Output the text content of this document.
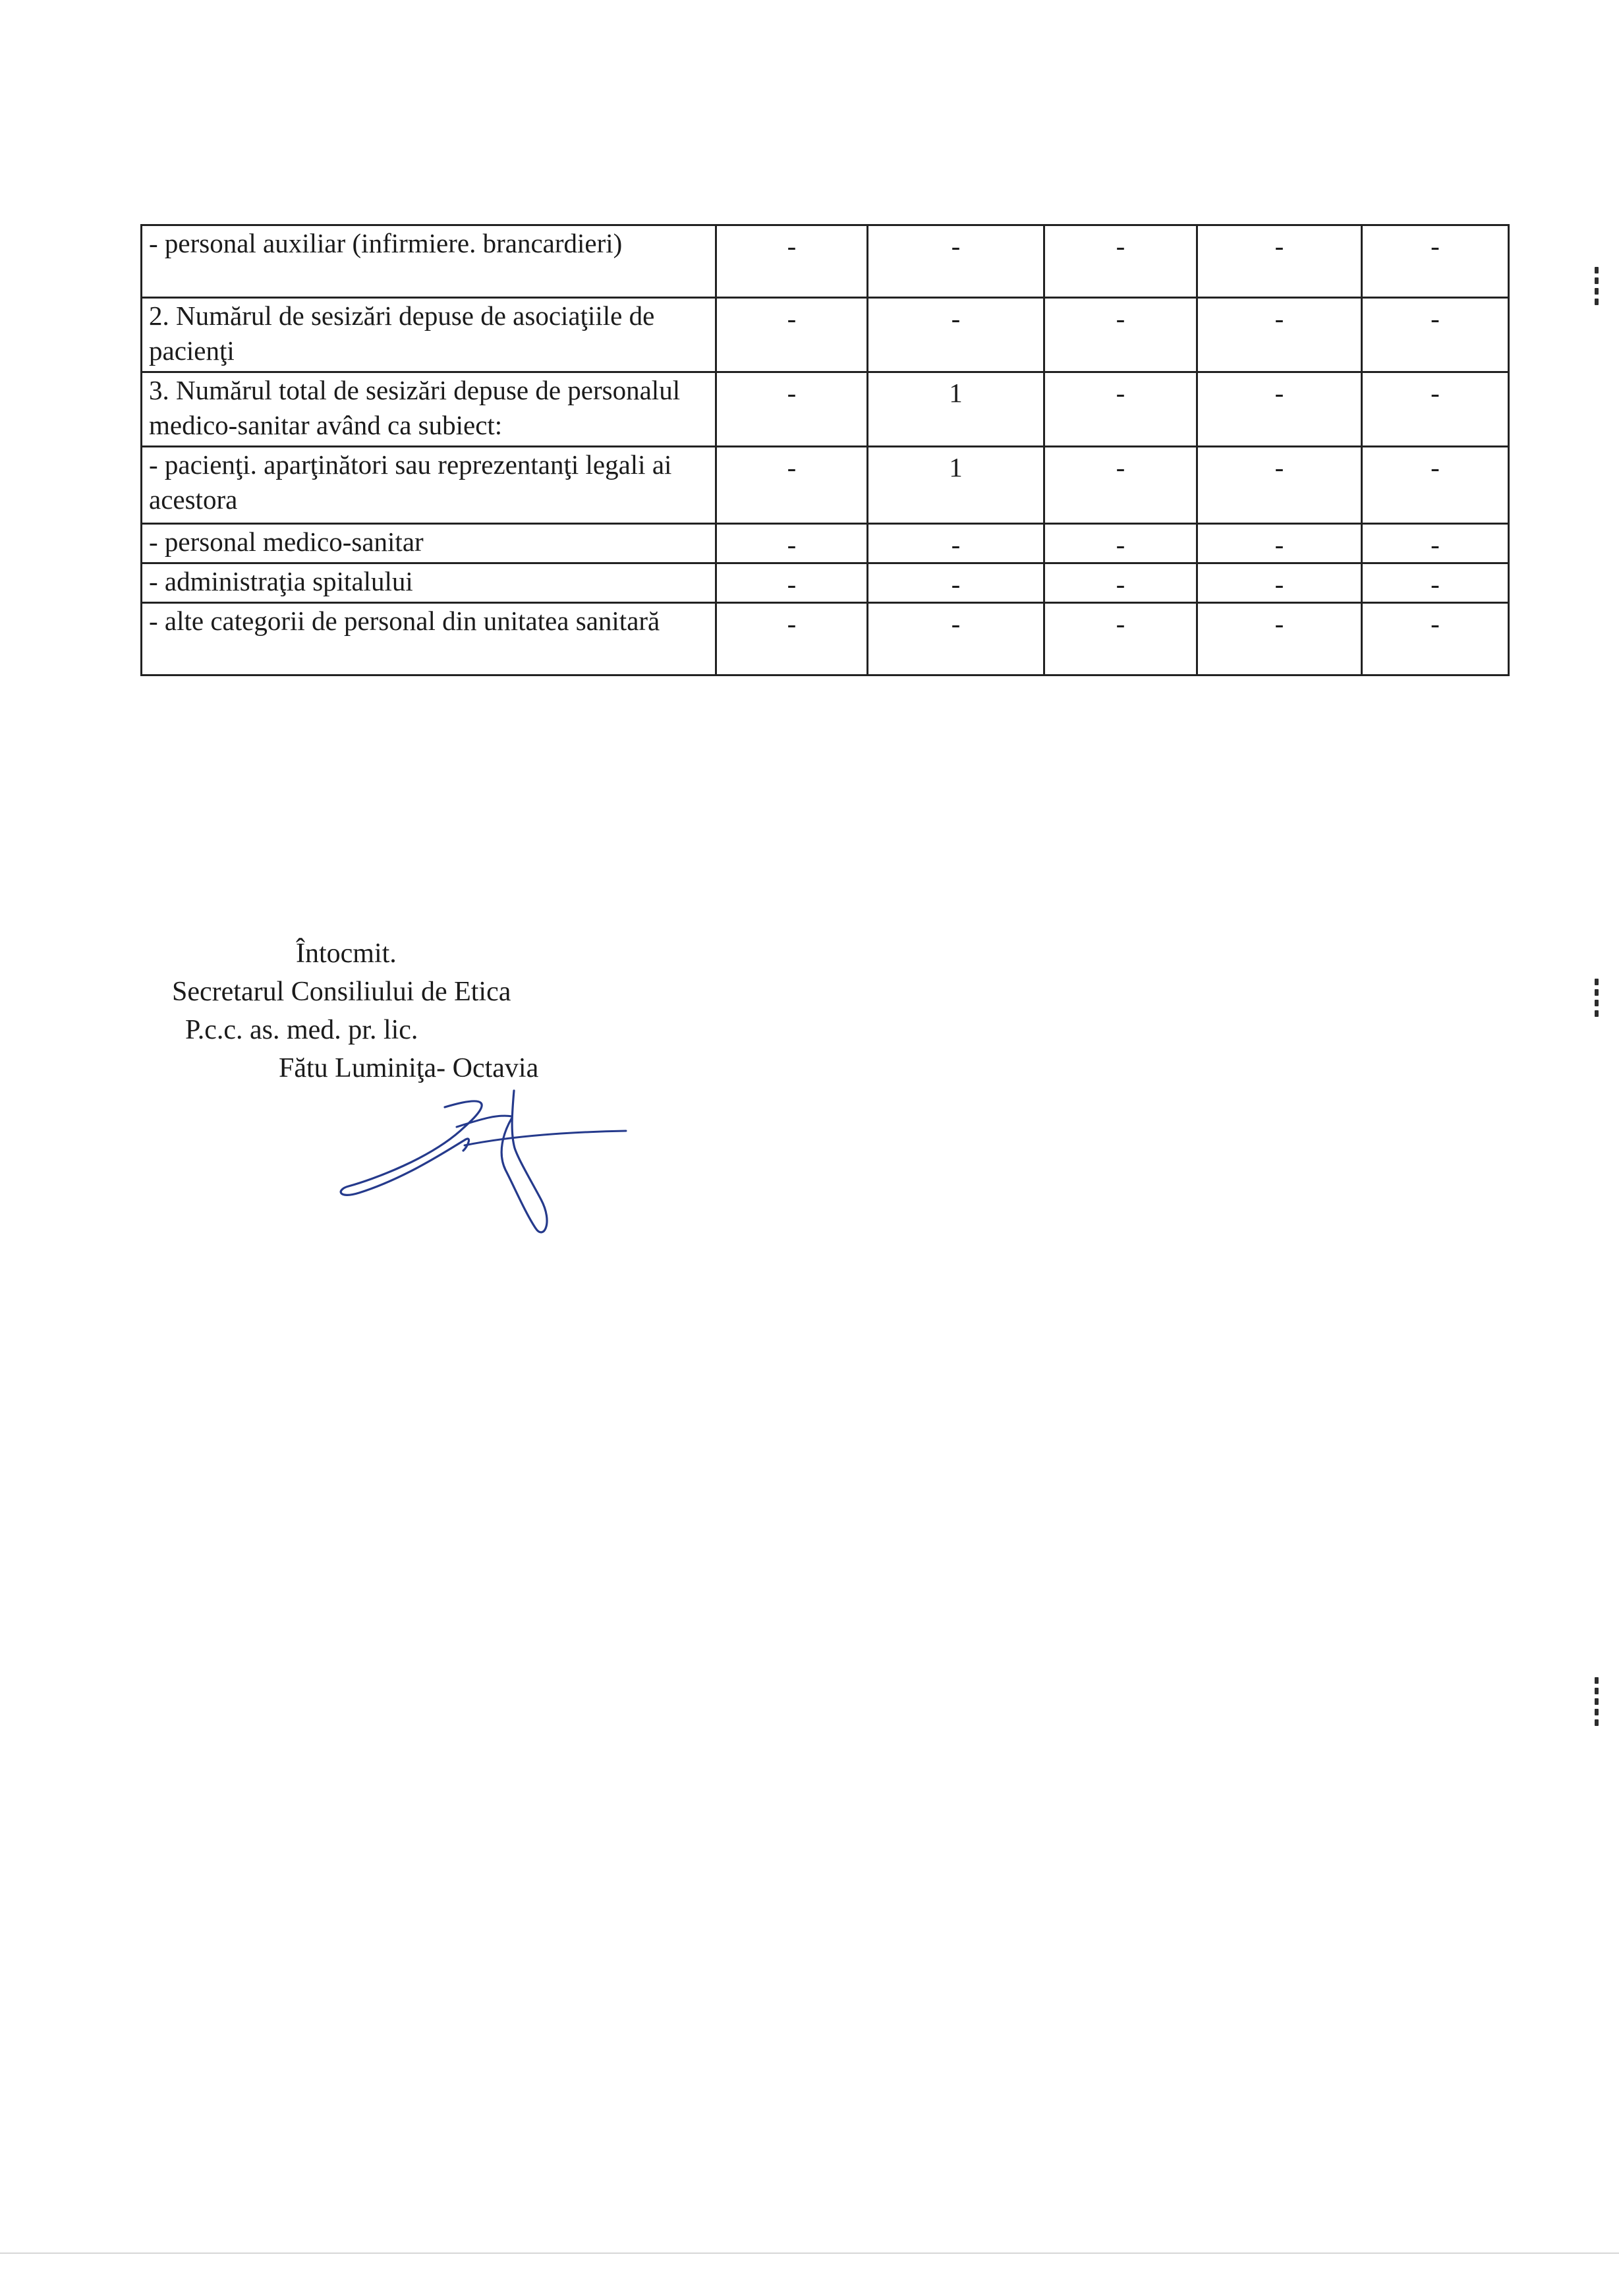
- personal auxiliar (infirmiere. brancardieri)	-	-	-	-	-
2. Numărul de sesizări depuse de asociaţiile de pacienţi	-	-	-	-	-
3. Numărul total de sesizări depuse de personalul medico-sanitar având ca subiect:	-	1	-	-	-
- pacienţi. aparţinători sau reprezentanţi legali ai acestora	-	1	-	-	-
- personal medico-sanitar	-	-	-	-	-
- administraţia spitalului	-	-	-	-	-
- alte categorii de personal din unitatea sanitară	-	-	-	-	-
Întocmit.
Secretarul Consiliului de Etica
P.c.c. as. med. pr. lic.
Fătu Luminiţa- Octavia
